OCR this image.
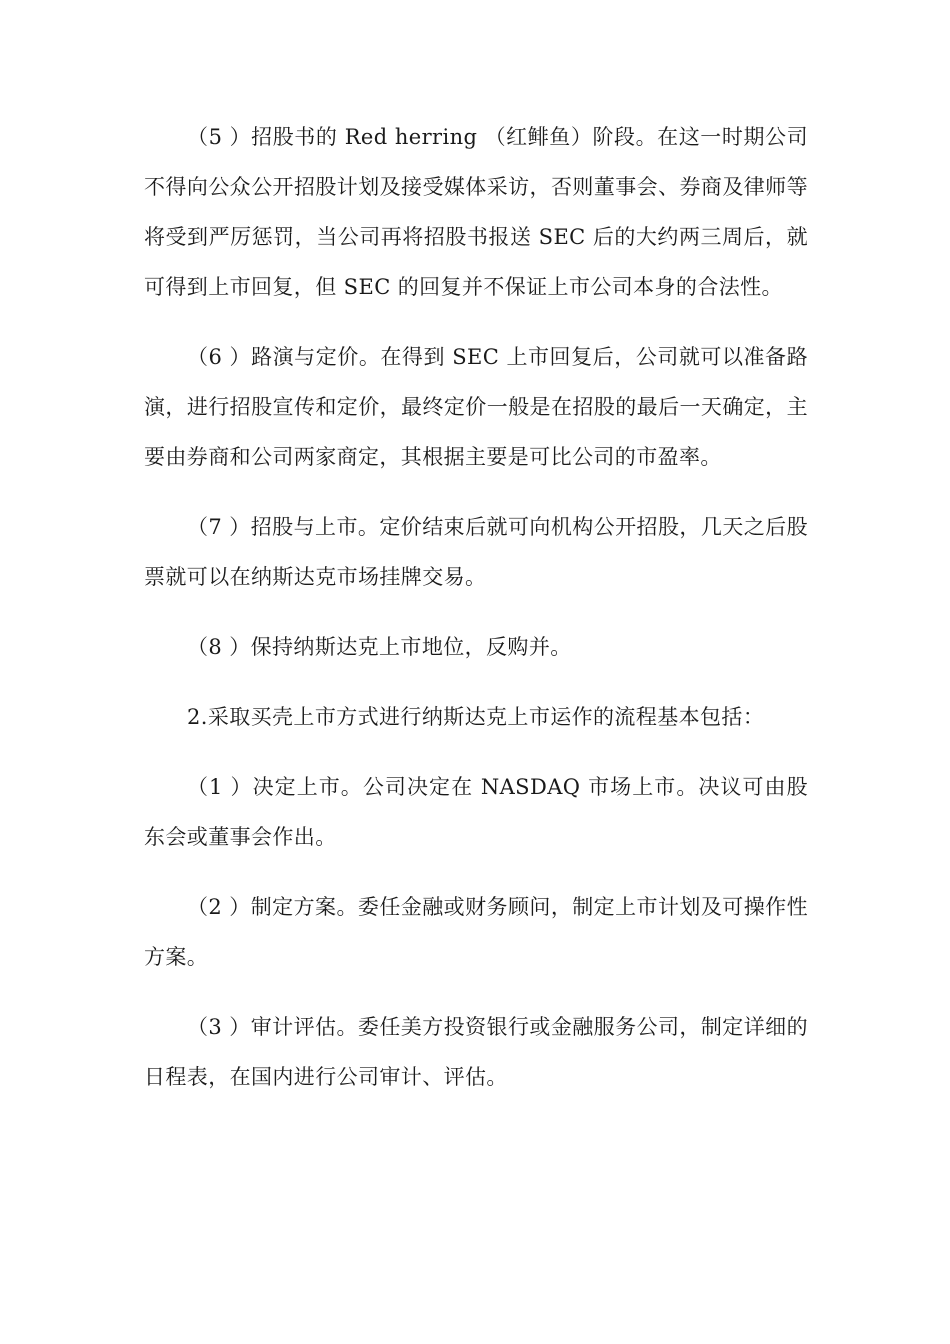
（5 ）招股书的 Red herring （红鲱鱼）阶段。在这一时期公司不得向公众公开招股计划及接受媒体采访，否则董事会、券商及律师等将受到严厉惩罚，当公司再将招股书报送 SEC 后的大约两三周后，就可得到上市回复，但 SEC 的回复并不保证上市公司本身的合法性。

（6 ）路演与定价。在得到 SEC 上市回复后，公司就可以准备路演，进行招股宣传和定价，最终定价一般是在招股的最后一天确定，主要由券商和公司两家商定，其根据主要是可比公司的市盈率。

（7 ）招股与上市。定价结束后就可向机构公开招股，几天之后股票就可以在纳斯达克市场挂牌交易。

（8 ）保持纳斯达克上市地位，反购并。

2.采取买壳上市方式进行纳斯达克上市运作的流程基本包括：

（1 ）决定上市。公司决定在 NASDAQ 市场上市。决议可由股东会或董事会作出。

（2 ）制定方案。委任金融或财务顾问，制定上市计划及可操作性方案。

（3 ）审计评估。委任美方投资银行或金融服务公司，制定详细的日程表，在国内进行公司审计、评估。
